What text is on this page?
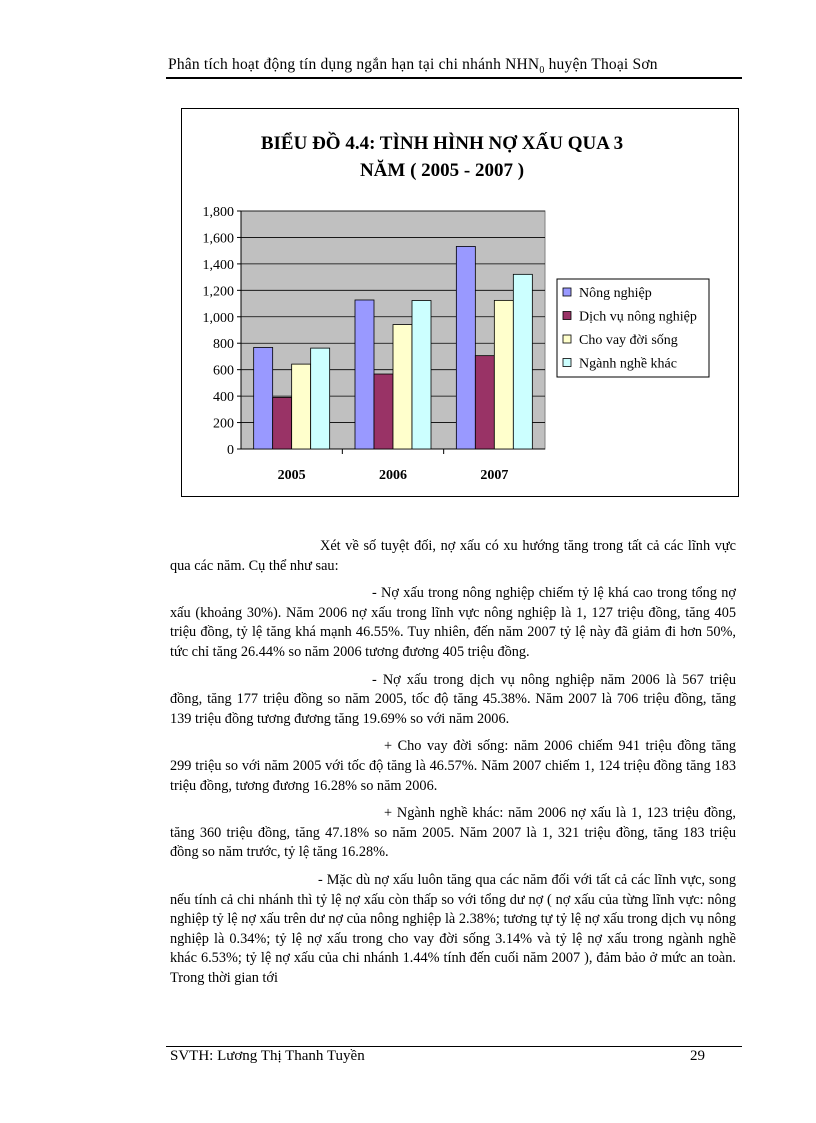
Phân tích hoạt động tín dụng ngắn hạn tại chi nhánh $NHN_0$ huyện Thoại Sơn
BIỂU ĐỒ 4.4: TÌNH HÌNH NỢ XẤU QUA 3
NĂM ( 2005 - 2007 )
0
200
400
600
800
1,000
1,200
1,400
1,600
1,800
2005	2006	2007
Nông nghiệp
Dịch vụ nông nghiệp
Cho vay đời sống
Ngành nghề khác

Xét về số tuyệt đối, nợ xấu có xu hướng tăng trong tất cả các lĩnh vực qua các năm. Cụ thể như sau:

- Nợ xấu trong nông nghiệp chiếm tỷ lệ khá cao trong tổng nợ xấu (khoảng 30%). Năm 2006 nợ xấu trong lĩnh vực nông nghiệp là 1, 127 triệu đồng, tăng 405 triệu đồng, tỷ lệ tăng khá mạnh 46.55%. Tuy nhiên, đến năm 2007 tỷ lệ này đã giảm đi hơn 50%, tức chỉ tăng 26.44% so năm 2006 tương đương 405 triệu đồng.

- Nợ xấu trong dịch vụ nông nghiệp năm 2006 là 567 triệu đồng, tăng 177 triệu đồng so năm 2005, tốc độ tăng 45.38%. Năm 2007 là 706 triệu đồng, tăng 139 triệu đồng tương đương tăng 19.69% so với năm 2006.

+ Cho vay đời sống: năm 2006 chiếm 941 triệu đồng tăng 299 triệu so với năm 2005 với tốc độ tăng là 46.57%. Năm 2007 chiếm 1, 124 triệu đồng tăng 183 triệu đồng, tương đương 16.28% so năm 2006.

+ Ngành nghề khác: năm 2006 nợ xấu là 1, 123 triệu đồng, tăng 360 triệu đồng, tăng 47.18% so năm 2005. Năm 2007 là 1, 321 triệu đồng, tăng 183 triệu đồng so năm trước, tỷ lệ tăng 16.28%.

- Mặc dù nợ xấu luôn tăng qua các năm đối với tất cả các lĩnh vực, song nếu tính cả chi nhánh thì tỷ lệ nợ xấu còn thấp so với tổng dư nợ ( nợ xấu của từng lĩnh vực: nông nghiệp tỷ lệ nợ xấu trên dư nợ của nông nghiệp là 2.38%; tương tự tỷ lệ nợ xấu trong dịch vụ nông nghiệp là 0.34%; tỷ lệ nợ xấu trong cho vay đời sống 3.14% và tỷ lệ nợ xấu trong ngành nghề khác 6.53%; tỷ lệ nợ xấu của chi nhánh 1.44% tính đến cuối năm 2007 ), đảm bảo ở mức an toàn. Trong thời gian tới

SVTH: Lương Thị Thanh Tuyền	29
